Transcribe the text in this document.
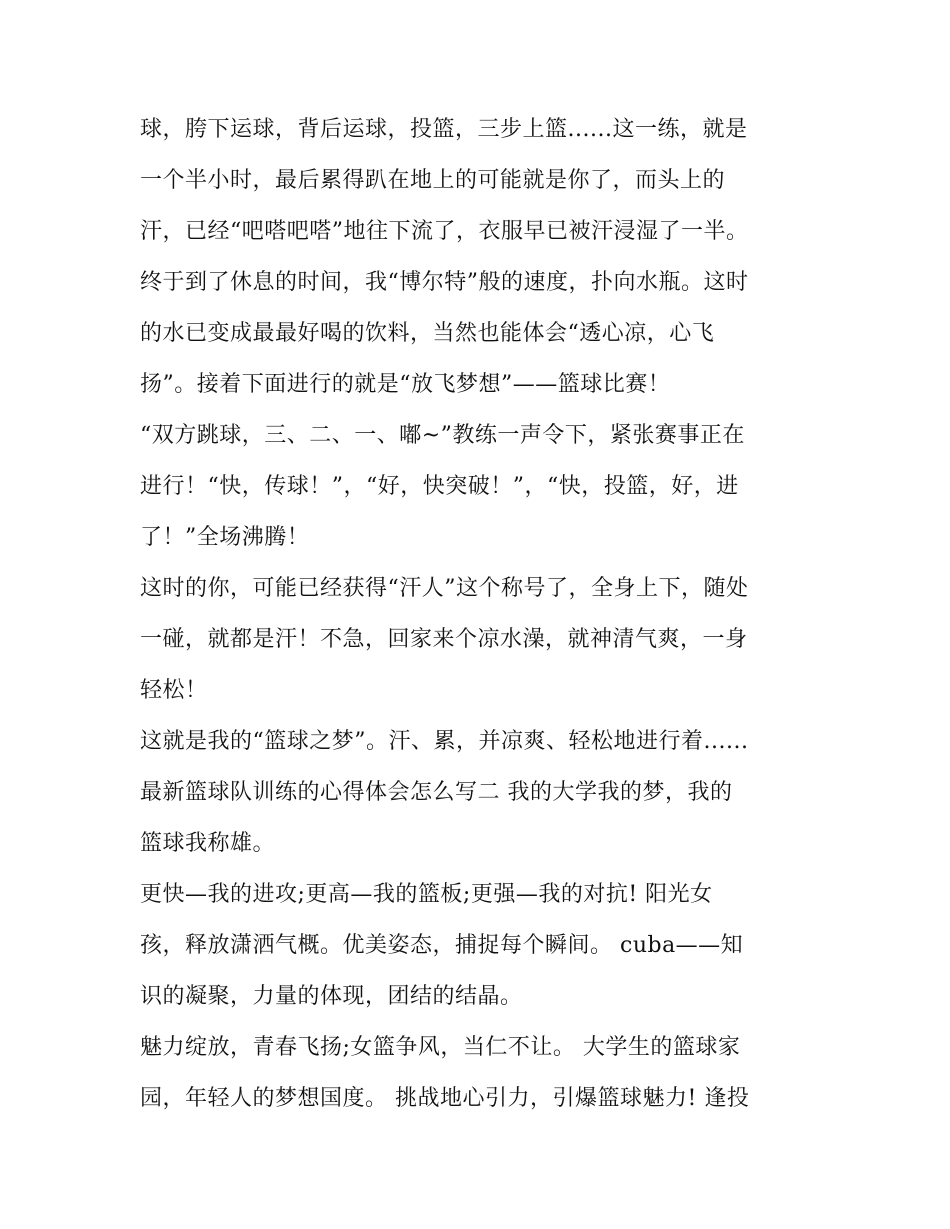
球，胯下运球，背后运球，投篮，三步上篮......这一练，就是
一个半小时，最后累得趴在地上的可能就是你了，而头上的
汗，已经“吧嗒吧嗒”地往下流了，衣服早已被汗浸湿了一半。
终于到了休息的时间，我“博尔特”般的速度，扑向水瓶。这时
的水已变成最最好喝的饮料，当然也能体会“透心凉，心飞
扬”。接着下面进行的就是“放飞梦想”——篮球比赛！
“双方跳球，三、二、一、嘟~”教练一声令下，紧张赛事正在
进行！“快，传球！”，“好，快突破！”，“快，投篮，好，进
了！”全场沸腾！
这时的你，可能已经获得“汗人”这个称号了，全身上下，随处
一碰，就都是汗！不急，回家来个凉水澡，就神清气爽，一身
轻松！
这就是我的“篮球之梦”。汗、累，并凉爽、轻松地进行着......
最新篮球队训练的心得体会怎么写二 我的大学我的梦，我的
篮球我称雄。
更快—我的进攻;更高—我的篮板;更强—我的对抗! 阳光女
孩，释放潇洒气概。优美姿态，捕捉每个瞬间。 cuba——知
识的凝聚，力量的体现，团结的结晶。
魅力绽放，青春飞扬;女篮争风，当仁不让。 大学生的篮球家
园，年轻人的梦想国度。 挑战地心引力，引爆篮球魅力! 逢投
